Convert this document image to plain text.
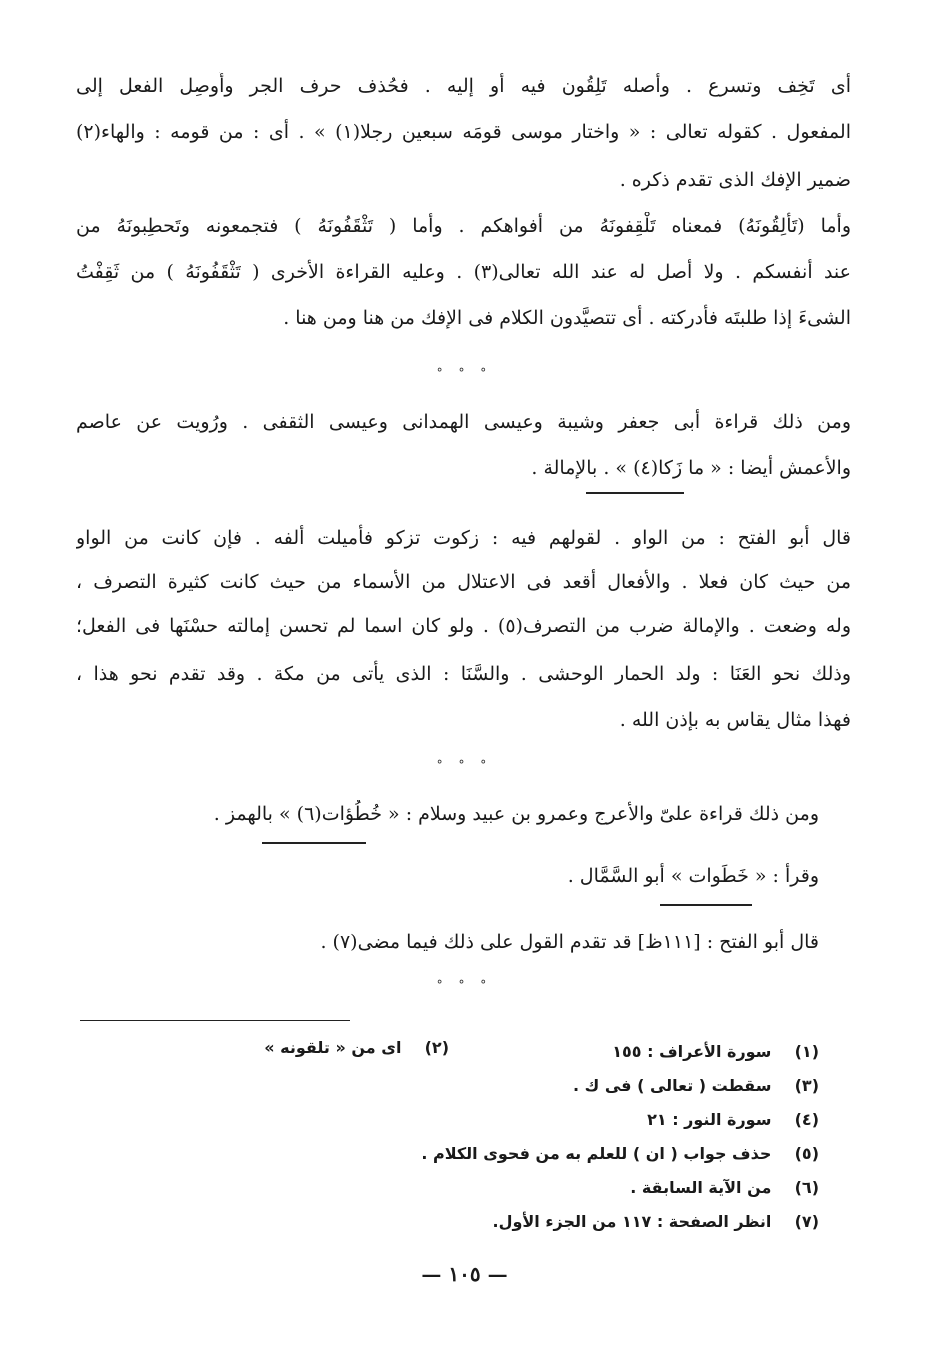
أى تَخِف وتسرع . وأصله تَلِقُون فيه أو إليه . فحُذف حرف الجر وأُوصِل الفعل إلى
المفعول . كقوله تعالى : « واختار موسى قومَه سبعين رجلا(١) » . أى : من قومه : والهاء(٢)
ضمير الإفك الذى تقدم ذكره .
وأما (تَأْلِقُونَهُ) فمعناه تَلْقِفونَهُ من أفواهكم . وأما ( تَثْقَفُونَهُ ) فتجمعونه وتَحطِبونَهُ من
عند أنفسكم . ولا أصل له عند الله تعالى(٣) . وعليه القراءة الأخرى ( تَثْقَفُونَهُ ) من ثَقِفْتُ
الشىءَ إذا طلبتَه فأدركته . أى تتصيَّدون الكلام فى الإفك من هنا ومن هنا .
° ° °
ومن ذلك قراءة أبى جعفر وشيبة وعيسى الهمدانى وعيسى الثقفى . ورُويت عن عاصم
والأعمش أيضا : « ما زَكا(٤) » . بالإمالة .
قال أبو الفتح : من الواو . لقولهم فيه : زكوت تزكو فأُميلت ألفه . فإن كانت من الواو
من حيث كان فعلا . والأفعال أقعد فى الاعتلال من الأسماء من حيث كانت كثيرة التصرف ،
وله وضعت . والإمالة ضرب من التصرف(٥) . ولو كان اسما لم تحسن إمالته حسْنَها فى الفعل؛
وذلك نحو العَنَا : ولد الحمار الوحشى . والسَّنَا : الذى يأتى من مكة . وقد تقدم نحو هذا ،
فهذا مثال يقاس به بإذن الله .
° ° °
ومن ذلك قراءة علىّ والأعرج وعمرو بن عبيد وسلام : « خُطُؤات(٦) » بالهمز .
وقرأ : « خَطَوات » أبو السَّمَّال .
قال أبو الفتح : [١١١ظ] قد تقدم القول على ذلك فيما مضى(٧) .
° ° °
(١) سورة الأعراف : ١٥٥
(٢) اى من « تلقونه »
(٣) سقطت ( تعالى ) فى ك .
(٤) سورة النور : ٢١
(٥) حذف جواب ( ان ) للعلم به من فحوى الكلام .
(٦) من الآية السابقة .
(٧) انظر الصفحة : ١١٧ من الجزء الأول.
— ١٠٥ —
